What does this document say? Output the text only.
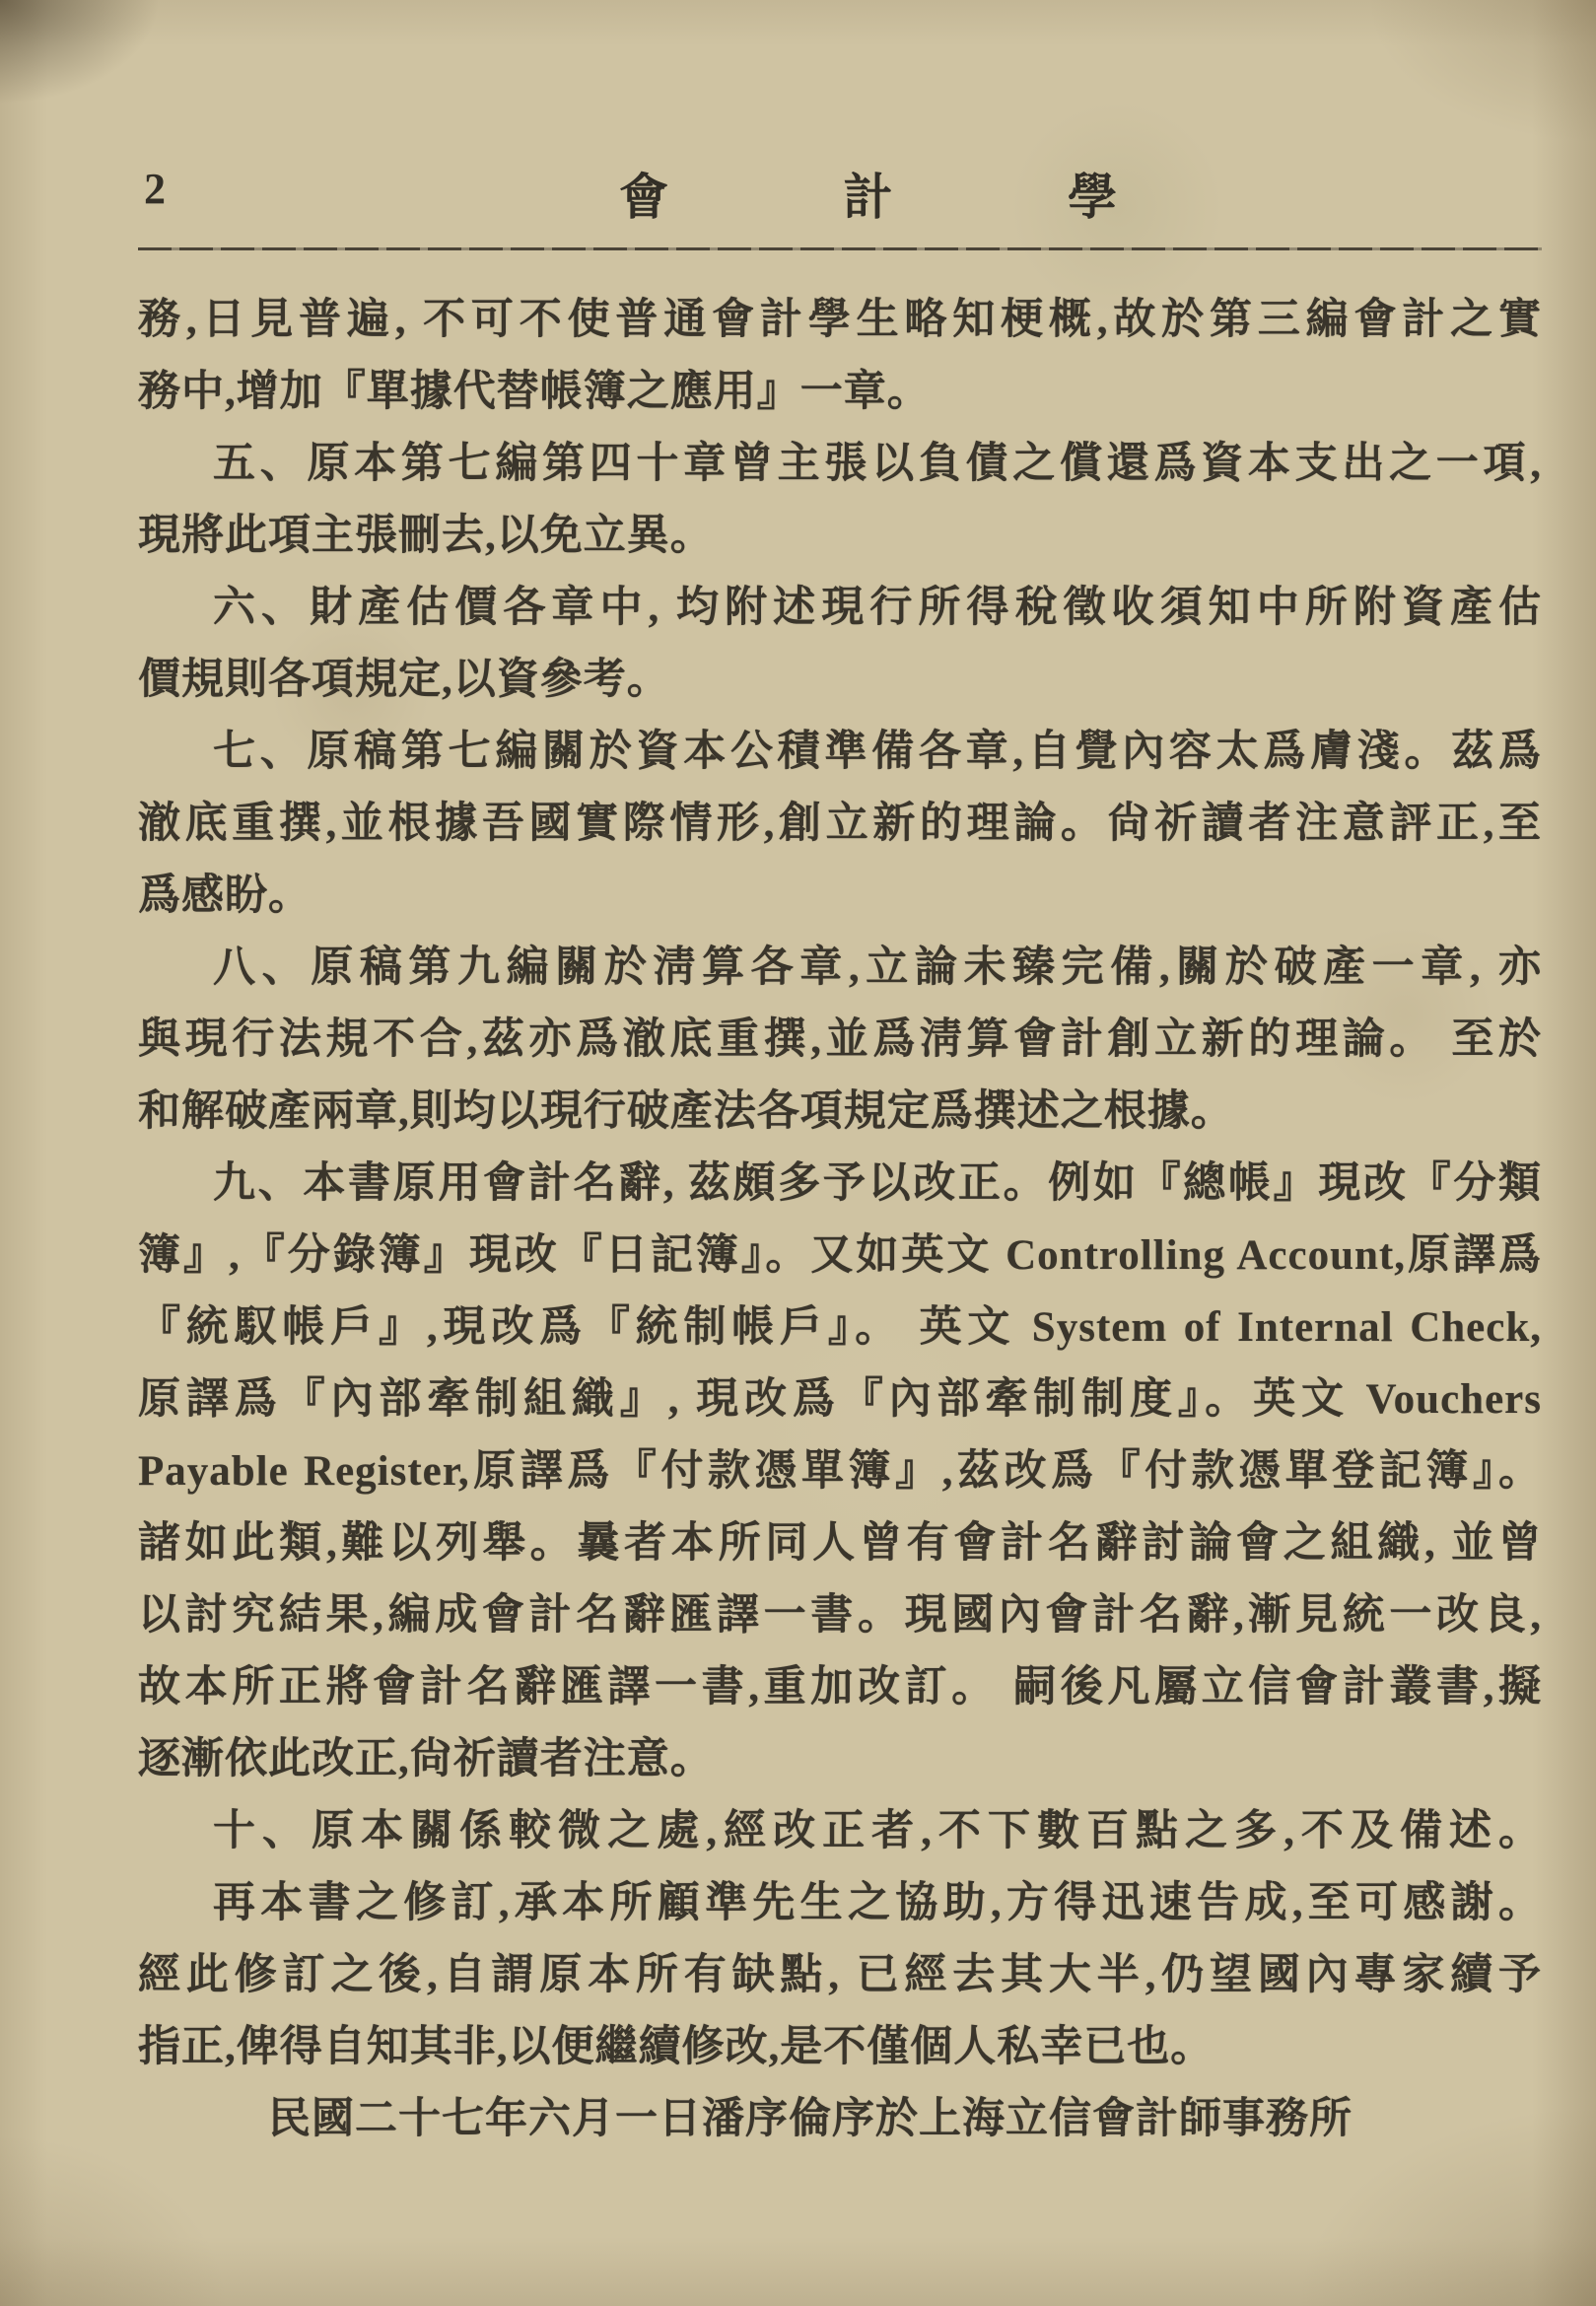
2	會	計	學
務,日見普遍, 不可不使普通會計學生略知梗概,故於第三編會計之實
務中,增加『單據代替帳簿之應用』一章。
五、原本第七編第四十章曾主張以負債之償還爲資本支出之一項,
現將此項主張刪去,以免立異。
六、財產估價各章中, 均附述現行所得稅徵收須知中所附資產估
價規則各項規定,以資參考。
七、原稿第七編關於資本公積準備各章,自覺內容太爲膚淺。茲爲
澈底重撰,並根據吾國實際情形,創立新的理論。尙祈讀者注意評正,至
爲感盼。
八、原稿第九編關於淸算各章,立論未臻完備,關於破產一章, 亦
與現行法規不合,茲亦爲澈底重撰,並爲淸算會計創立新的理論。 至於
和解破產兩章,則均以現行破產法各項規定爲撰述之根據。
九、本書原用會計名辭, 茲頗多予以改正。例如『總帳』現改『分類
簿』,『分錄簿』現改『日記簿』。又如英文 Controlling Account,原譯爲
『統馭帳戶』,現改爲『統制帳戶』。 英文 System of Internal Check,
原譯爲『內部牽制組織』, 現改爲『內部牽制制度』。英文 Vouchers
Payable Register,原譯爲『付款憑單簿』,茲改爲『付款憑單登記簿』。
諸如此類,難以列舉。曩者本所同人曾有會計名辭討論會之組織, 並曾
以討究結果,編成會計名辭匯譯一書。現國內會計名辭,漸見統一改良,
故本所正將會計名辭匯譯一書,重加改訂。 嗣後凡屬立信會計叢書,擬
逐漸依此改正,尙祈讀者注意。
十、原本關係較微之處,經改正者,不下數百點之多,不及備述。
再本書之修訂,承本所顧準先生之協助,方得迅速告成,至可感謝。
經此修訂之後,自謂原本所有缺點, 已經去其大半,仍望國內專家續予
指正,俾得自知其非,以便繼續修改,是不僅個人私幸已也。
民國二十七年六月一日潘序倫序於上海立信會計師事務所
